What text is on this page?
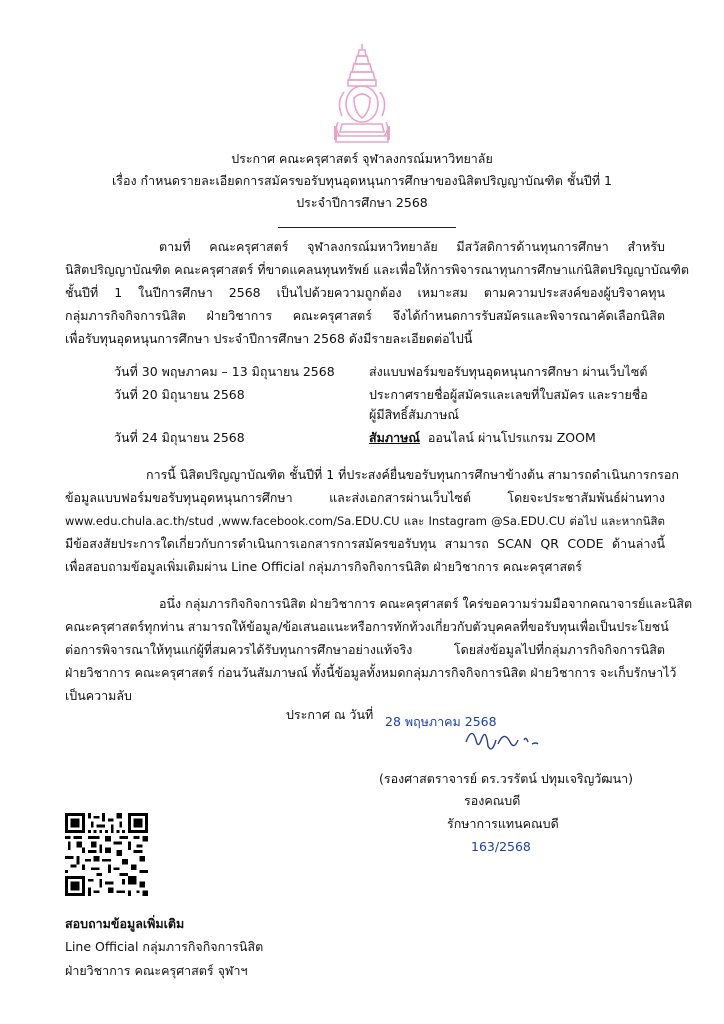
ประกาศ คณะครุศาสตร์ จุฬาลงกรณ์มหาวิทยาลัย
เรื่อง กำหนดรายละเอียดการสมัครขอรับทุนอุดหนุนการศึกษาของนิสิตปริญญาบัณฑิต ชั้นปีที่ 1
ประจำปีการศึกษา 2568
ตามที่ คณะครุศาสตร์ จุฬาลงกรณ์มหาวิทยาลัย มีสวัสดิการด้านทุนการศึกษา สำหรับ
นิสิตปริญญาบัณฑิต คณะครุศาสตร์ ที่ขาดแคลนทุนทรัพย์ และเพื่อให้การพิจารณาทุนการศึกษาแก่นิสิตปริญญาบัณฑิต
ชั้นปีที่ 1 ในปีการศึกษา 2568 เป็นไปด้วยความถูกต้อง เหมาะสม ตามความประสงค์ของผู้บริจาคทุน
กลุ่มภารกิจกิจการนิสิต ฝ่ายวิชาการ คณะครุศาสตร์ จึงได้กำหนดการรับสมัครและพิจารณาคัดเลือกนิสิต
เพื่อรับทุนอุดหนุนการศึกษา ประจำปีการศึกษา 2568 ดังมีรายละเอียดต่อไปนี้
วันที่ 30 พฤษภาคม – 13 มิถุนายน 2568	ส่งแบบฟอร์มขอรับทุนอุดหนุนการศึกษา ผ่านเว็บไซต์
วันที่ 20 มิถุนายน 2568	ประกาศรายชื่อผู้สมัครและเลขที่ใบสมัคร และรายชื่อ
ผู้มีสิทธิ์สัมภาษณ์
วันที่ 24 มิถุนายน 2568	สัมภาษณ์  ออนไลน์ ผ่านโปรแกรม ZOOM
การนี้ นิสิตปริญญาบัณฑิต ชั้นปีที่ 1 ที่ประสงค์ยื่นขอรับทุนการศึกษาข้างต้น สามารถดำเนินการกรอก
ข้อมูลแบบฟอร์มขอรับทุนอุดหนุนการศึกษา และส่งเอกสารผ่านเว็บไซต์ โดยจะประชาสัมพันธ์ผ่านทาง
www.edu.chula.ac.th/stud ,www.facebook.com/Sa.EDU.CU และ Instagram @Sa.EDU.CU ต่อไป และหากนิสิต
มีข้อสงสัยประการใดเกี่ยวกับการดำเนินการเอกสารการสมัครขอรับทุน สามารถ SCAN QR CODE ด้านล่างนี้
เพื่อสอบถามข้อมูลเพิ่มเติมผ่าน Line Official กลุ่มภารกิจกิจการนิสิต ฝ่ายวิชาการ คณะครุศาสตร์
อนึ่ง กลุ่มภารกิจกิจการนิสิต ฝ่ายวิชาการ คณะครุศาสตร์ ใคร่ขอความร่วมมือจากคณาจารย์และนิสิต
คณะครุศาสตร์ทุกท่าน สามารถให้ข้อมูล/ข้อเสนอแนะหรือการทักท้วงเกี่ยวกับตัวบุคคลที่ขอรับทุนเพื่อเป็นประโยชน์
ต่อการพิจารณาให้ทุนแก่ผู้ที่สมควรได้รับทุนการศึกษาอย่างแท้จริง โดยส่งข้อมูลไปที่กลุ่มภารกิจกิจการนิสิต
ฝ่ายวิชาการ คณะครุศาสตร์ ก่อนวันสัมภาษณ์ ทั้งนี้ข้อมูลทั้งหมดกลุ่มภารกิจกิจการนิสิต ฝ่ายวิชาการ จะเก็บรักษาไว้
เป็นความลับ
ประกาศ ณ วันที่ 28 พฤษภาคม 2568
(รองศาสตราจารย์ ดร.วรรัตน์ ปทุมเจริญวัฒนา)
รองคณบดี
รักษาการแทนคณบดี
163/2568
สอบถามข้อมูลเพิ่มเติม
Line Official กลุ่มภารกิจกิจการนิสิต
ฝ่ายวิชาการ คณะครุศาสตร์ จุฬาฯ
